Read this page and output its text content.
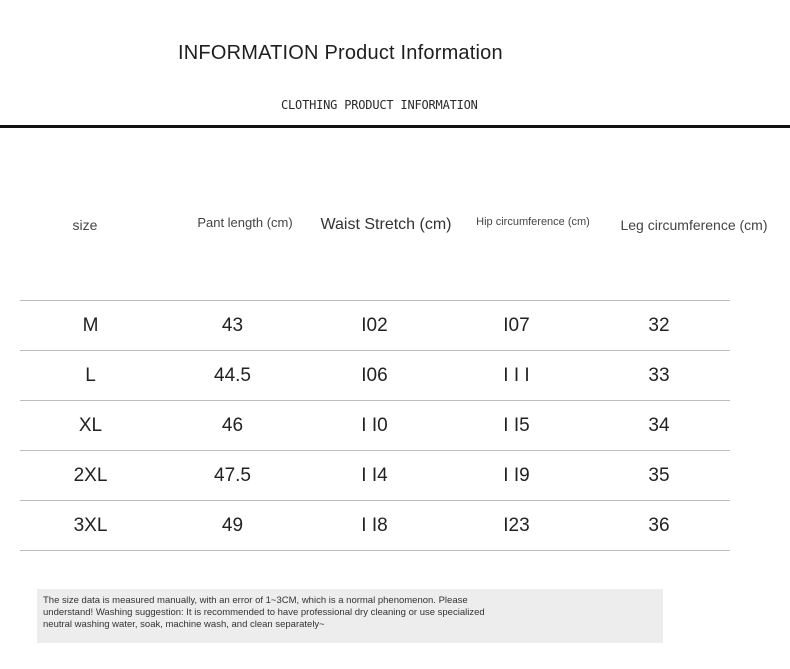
INFORMATION Product Information
CLOTHING PRODUCT INFORMATION
size	Pant length (cm)	Waist Stretch (cm)	Hip circumference (cm)	Leg circumference (cm)
M	43	I02	I07	32
L	44.5	I06	I I I	33
XL	46	I I0	I I5	34
2XL	47.5	I I4	I I9	35
3XL	49	I I8	I23	36
The size data is measured manually, with an error of 1~3CM, which is a normal phenomenon. Please
understand! Washing suggestion: It is recommended to have professional dry cleaning or use specialized
neutral washing water, soak, machine wash, and clean separately~
